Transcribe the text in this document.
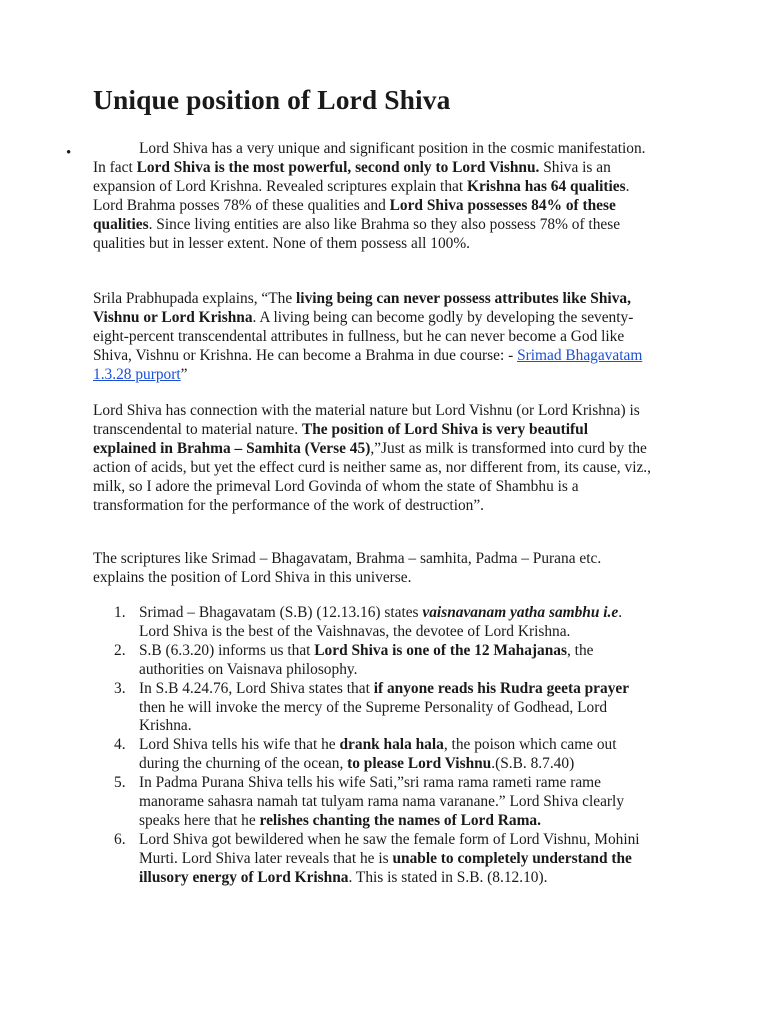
Unique position of Lord Shiva
•	Lord Shiva has a very unique and significant position in the cosmic manifestation. In fact Lord Shiva is the most powerful, second only to Lord Vishnu. Shiva is an expansion of Lord Krishna. Revealed scriptures explain that Krishna has 64 qualities. Lord Brahma posses 78% of these qualities and Lord Shiva possesses 84% of these qualities. Since living entities are also like Brahma so they also possess 78% of these qualities but in lesser extent. None of them possess all 100%.

Srila Prabhupada explains, “The living being can never possess attributes like Shiva, Vishnu or Lord Krishna. A living being can become godly by developing the seventy-eight-percent transcendental attributes in fullness, but he can never become a God like Shiva, Vishnu or Krishna. He can become a Brahma in due course: - Srimad Bhagavatam 1.3.28 purport”

Lord Shiva has connection with the material nature but Lord Vishnu (or Lord Krishna) is transcendental to material nature. The position of Lord Shiva is very beautiful explained in Brahma – Samhita (Verse 45),”Just as milk is transformed into curd by the action of acids, but yet the effect curd is neither same as, nor different from, its cause, viz., milk, so I adore the primeval Lord Govinda of whom the state of Shambhu is a transformation for the performance of the work of destruction”.

The scriptures like Srimad – Bhagavatam, Brahma – samhita, Padma – Purana etc. explains the position of Lord Shiva in this universe.

1. Srimad – Bhagavatam (S.B) (12.13.16) states vaisnavanam yatha sambhu i.e. Lord Shiva is the best of the Vaishnavas, the devotee of Lord Krishna.
2. S.B (6.3.20) informs us that Lord Shiva is one of the 12 Mahajanas, the authorities on Vaisnava philosophy.
3. In S.B 4.24.76, Lord Shiva states that if anyone reads his Rudra geeta prayer then he will invoke the mercy of the Supreme Personality of Godhead, Lord Krishna.
4. Lord Shiva tells his wife that he drank hala hala, the poison which came out during the churning of the ocean, to please Lord Vishnu.(S.B. 8.7.40)
5. In Padma Purana Shiva tells his wife Sati,”sri rama rama rameti rame rame manorame sahasra namah tat tulyam rama nama varanane.” Lord Shiva clearly speaks here that he relishes chanting the names of Lord Rama.
6. Lord Shiva got bewildered when he saw the female form of Lord Vishnu, Mohini Murti. Lord Shiva later reveals that he is unable to completely understand the illusory energy of Lord Krishna. This is stated in S.B. (8.12.10).
